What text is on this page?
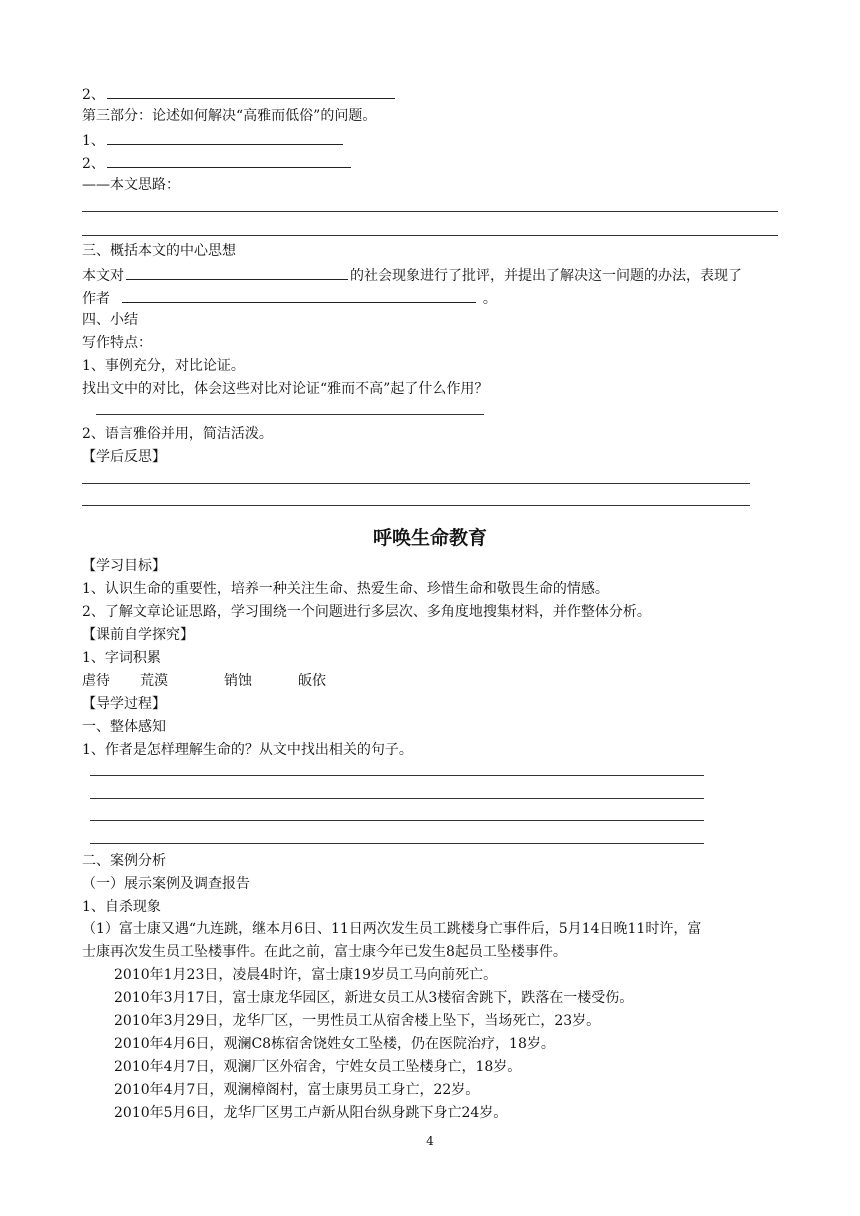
2、
第三部分：论述如何解决“高雅而低俗”的问题。
1、
2、
——本文思路：
三、概括本文的中心思想
本文对	的社会现象进行了批评，并提出了解决这一问题的办法，表现了
作者	。
四、小结
写作特点：
1、事例充分，对比论证。
找出文中的对比，体会这些对比对论证“雅而不高”起了什么作用？
2、语言雅俗并用，简洁活泼。
【学后反思】
呼唤生命教育
【学习目标】
1、认识生命的重要性，培养一种关注生命、热爱生命、珍惜生命和敬畏生命的情感。
2、了解文章论证思路，学习围绕一个问题进行多层次、多角度地搜集材料，并作整体分析。
【课前自学探究】
1、字词积累
虐待 荒漠	销蚀	皈依
【导学过程】
一、整体感知
1、作者是怎样理解生命的？从文中找出相关的句子。
二、案例分析
（一）展示案例及调查报告
1、自杀现象
（1）富士康又遇“九连跳，继本月6日、11日两次发生员工跳楼身亡事件后，5月14日晚11时许，富
士康再次发生员工坠楼事件。在此之前，富士康今年已发生8起员工坠楼事件。
2010年1月23日，凌晨4时许，富士康19岁员工马向前死亡。
2010年3月17日，富士康龙华园区，新进女员工从3楼宿舍跳下，跌落在一楼受伤。
2010年3月29日，龙华厂区，一男性员工从宿舍楼上坠下，当场死亡，23岁。
2010年4月6日，观澜C8栋宿舍饶姓女工坠楼，仍在医院治疗，18岁。
2010年4月7日，观澜厂区外宿舍，宁姓女员工坠楼身亡，18岁。
2010年4月7日，观澜樟阁村，富士康男员工身亡，22岁。
2010年5月6日，龙华厂区男工卢新从阳台纵身跳下身亡24岁。
4
